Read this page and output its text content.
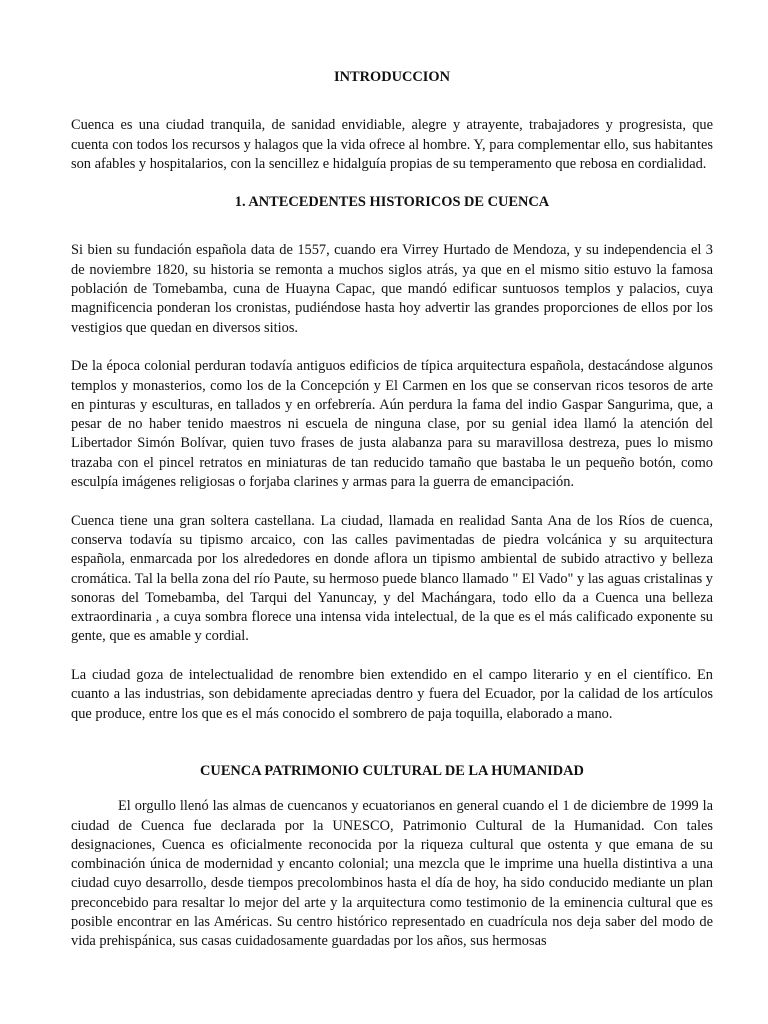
INTRODUCCION

Cuenca es una ciudad tranquila, de sanidad envidiable, alegre y atrayente, trabajadores y progresista, que cuenta con todos los recursos y halagos que la vida ofrece al hombre. Y, para complementar ello, sus habitantes son afables y hospitalarios, con la sencillez e hidalguía propias de su temperamento que rebosa en cordialidad.

1. ANTECEDENTES HISTORICOS DE CUENCA

Si bien su fundación española data de 1557, cuando era Virrey Hurtado de Mendoza, y su independencia el 3 de noviembre 1820, su historia se remonta a muchos siglos atrás, ya que en el mismo sitio estuvo la famosa población de Tomebamba, cuna de Huayna Capac, que mandó edificar suntuosos templos y palacios, cuya magnificencia ponderan los cronistas, pudiéndose hasta hoy advertir las grandes proporciones de ellos por los vestigios que quedan en diversos sitios.

De la época colonial perduran todavía antiguos edificios de típica arquitectura española, destacándose algunos templos y monasterios, como los de la Concepción y El Carmen en los que se conservan ricos tesoros de arte en pinturas y esculturas, en tallados y en orfebrería. Aún perdura la fama del indio Gaspar Sangurima, que, a pesar de no haber tenido maestros ni escuela de ninguna clase, por su genial idea llamó la atención del Libertador Simón Bolívar, quien tuvo frases de justa alabanza para su maravillosa destreza, pues lo mismo trazaba con el pincel retratos en miniaturas de tan reducido tamaño que bastaba le un pequeño botón, como esculpía imágenes religiosas o forjaba clarines y armas para la guerra de emancipación.

Cuenca tiene una gran soltera castellana. La ciudad, llamada en realidad Santa Ana de los Ríos de cuenca, conserva todavía su tipismo arcaico, con las calles pavimentadas de piedra volcánica y su arquitectura española, enmarcada por los alrededores en donde aflora un tipismo ambiental de subido atractivo y belleza cromática. Tal la bella zona del río Paute, su hermoso puede blanco llamado " El Vado" y las aguas cristalinas y sonoras del Tomebamba, del Tarqui del Yanuncay, y del Machángara, todo ello da a Cuenca una belleza extraordinaria , a cuya sombra florece una intensa vida intelectual, de la que es el más calificado exponente su gente, que es amable y cordial.

La ciudad goza de intelectualidad de renombre bien extendido en el campo literario y en el científico. En cuanto a las industrias, son debidamente apreciadas dentro y fuera del Ecuador, por la calidad de los artículos que produce, entre los que es el más conocido el sombrero de paja toquilla, elaborado a mano.

CUENCA PATRIMONIO CULTURAL DE LA HUMANIDAD

El orgullo llenó las almas de cuencanos y ecuatorianos en general cuando el 1 de diciembre de 1999 la ciudad de Cuenca fue declarada por la UNESCO, Patrimonio Cultural de la Humanidad. Con tales designaciones, Cuenca es oficialmente reconocida por la riqueza cultural que ostenta y que emana de su combinación única de modernidad y encanto colonial; una mezcla que le imprime una huella distintiva a una ciudad cuyo desarrollo, desde tiempos precolombinos hasta el día de hoy, ha sido conducido mediante un plan preconcebido para resaltar lo mejor del arte y la arquitectura como testimonio de la eminencia cultural que es posible encontrar en las Américas. Su centro histórico representado en cuadrícula nos deja saber del modo de vida prehispánica, sus casas cuidadosamente guardadas por los años, sus hermosas
